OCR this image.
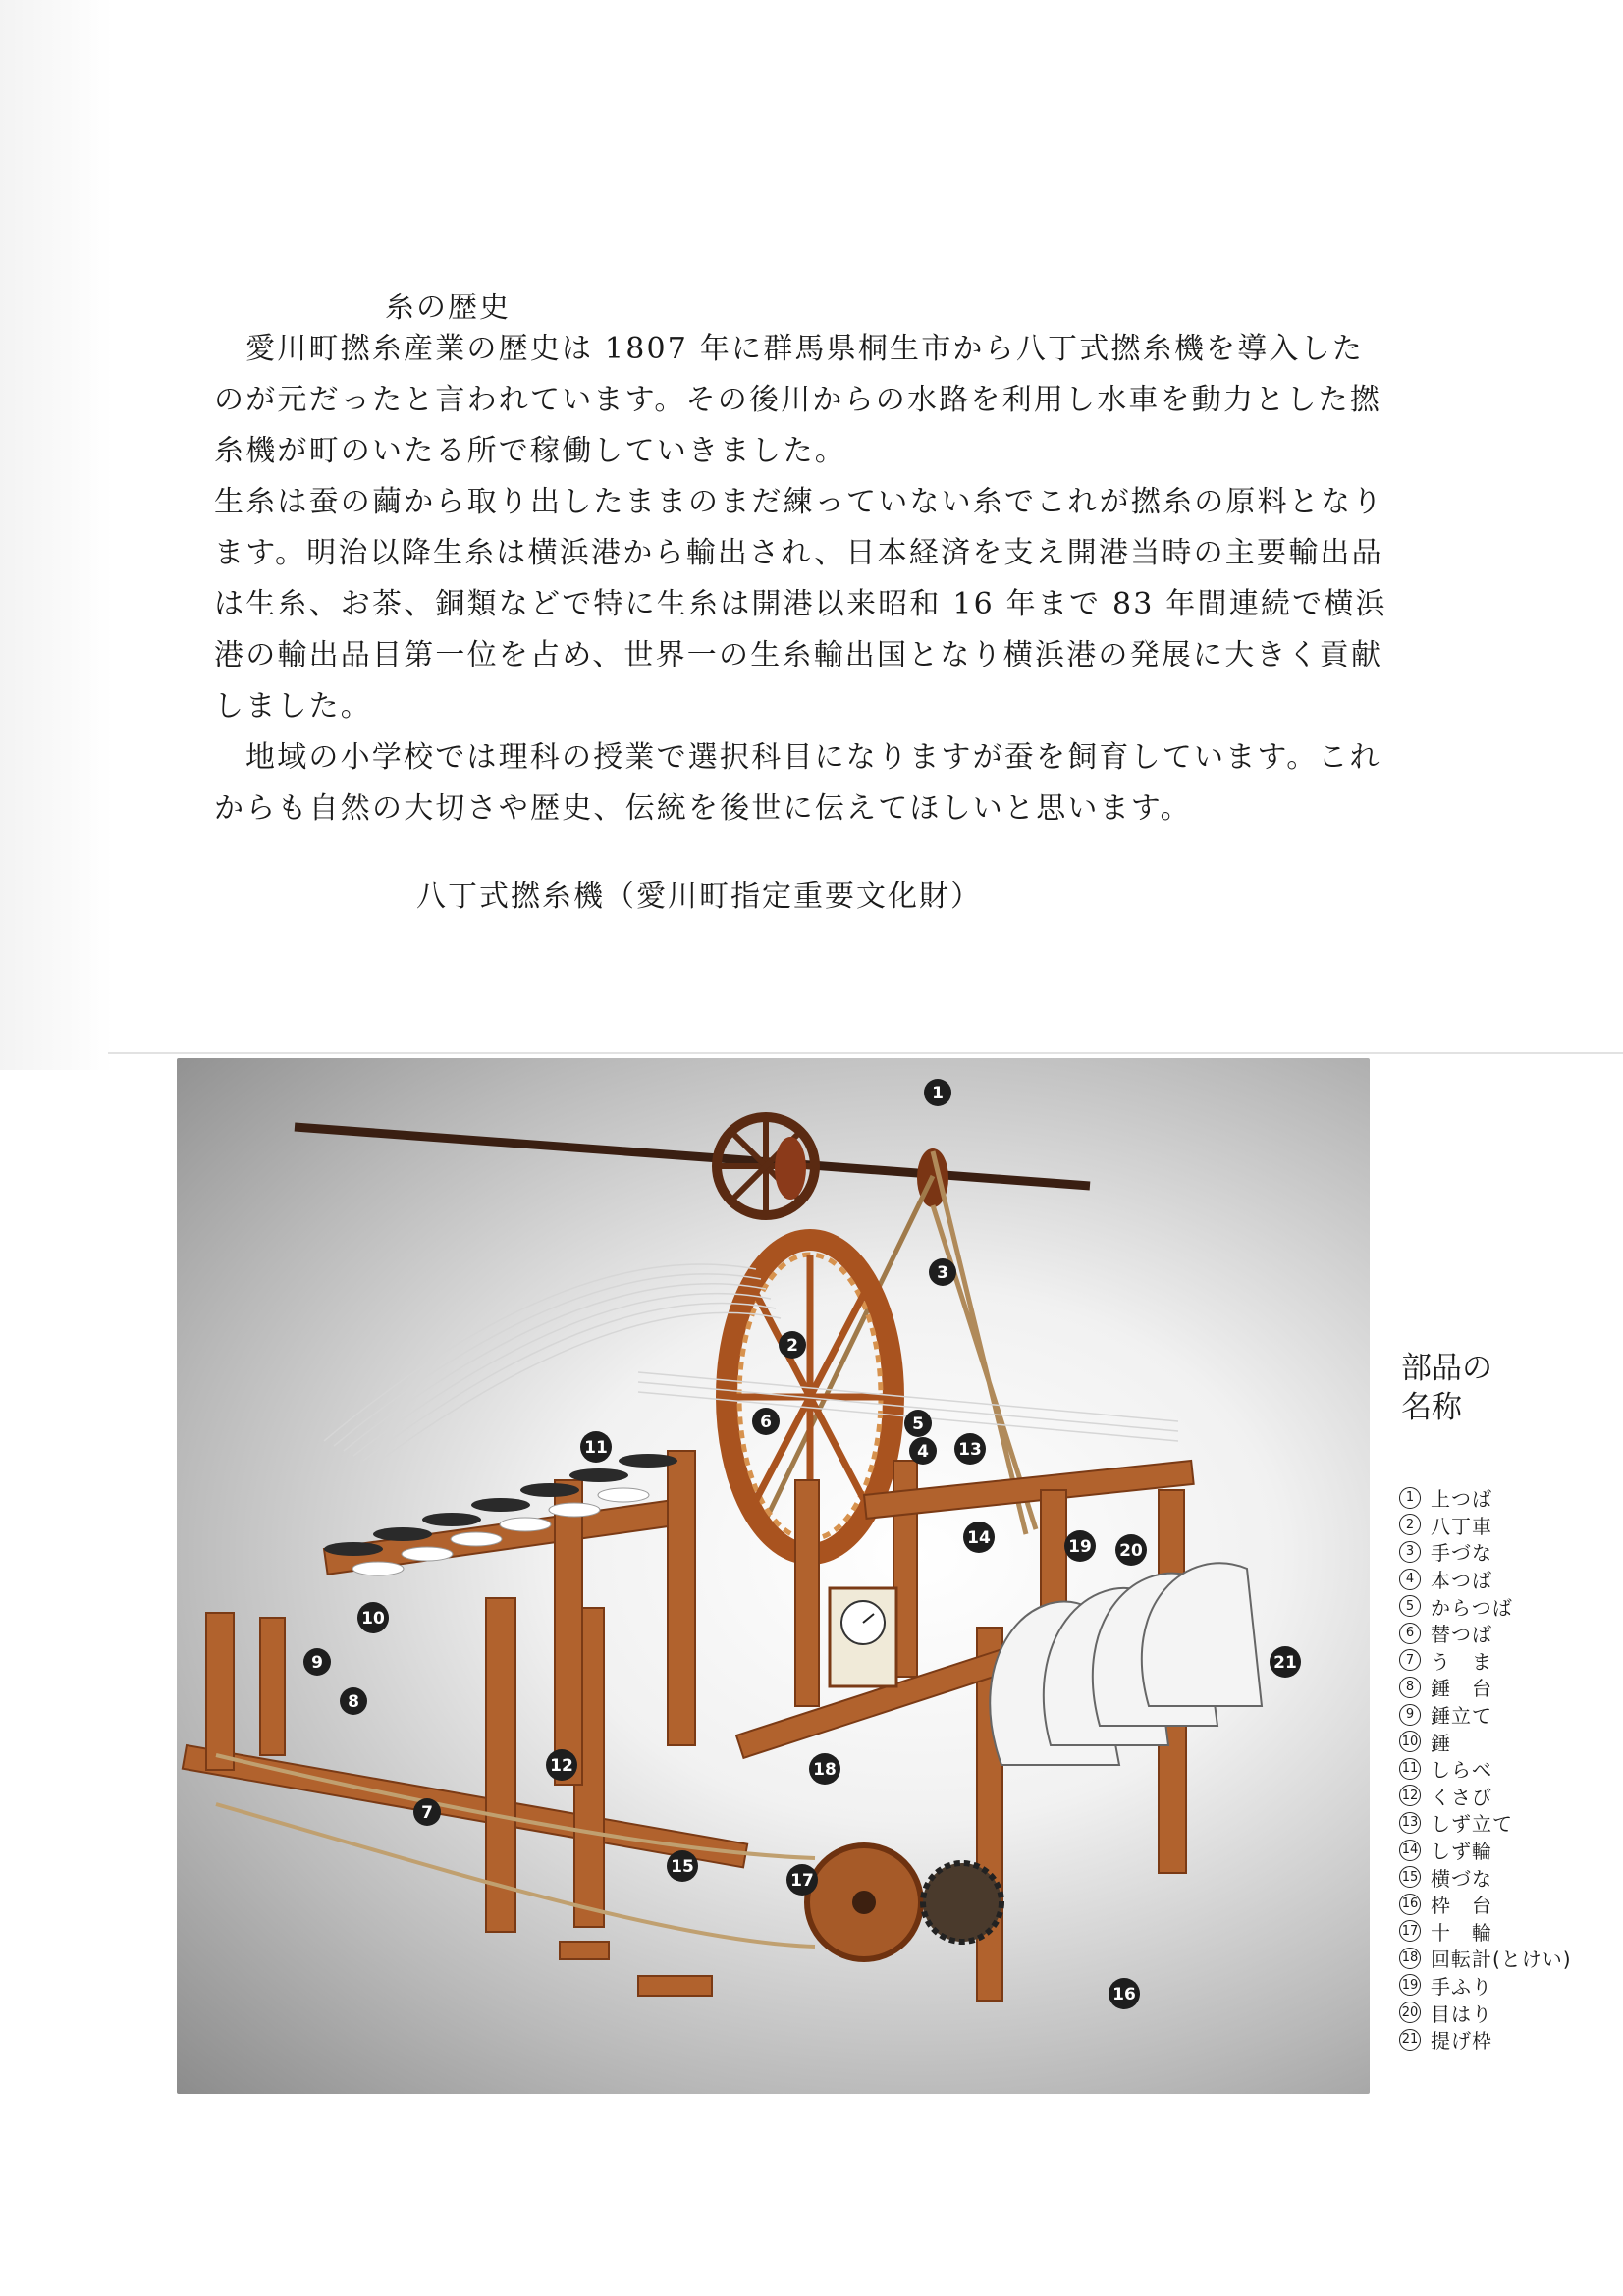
糸の歴史

愛川町撚糸産業の歴史は 1807 年に群馬県桐生市から八丁式撚糸機を導入したのが元だったと言われています。その後川からの水路を利用し水車を動力とした撚糸機が町のいたる所で稼働していきました。

生糸は蚕の繭から取り出したままのまだ練っていない糸でこれが撚糸の原料となります。明治以降生糸は横浜港から輸出され、日本経済を支え開港当時の主要輸出品は生糸、お茶、銅類などで特に生糸は開港以来昭和 16 年まで 83 年間連続で横浜港の輸出品目第一位を占め、世界一の生糸輸出国となり横浜港の発展に大きく貢献しました。

地域の小学校では理科の授業で選択科目になりますが蚕を飼育しています。これからも自然の大切さや歴史、伝統を後世に伝えてほしいと思います。

八丁式撚糸機（愛川町指定重要文化財）
1
2
3
4
5
6
7
8
9
10
11
12
13
14
15
16
17
18
19 20
21
部品の
名称
1 上つば
2 八丁車
3 手づな
4 本つば
5 からつば
6 替つば
7 う　ま
8 錘　台
9 錘立て
10 錘
11 しらべ
12 くさび
13 しず立て
14 しず輪
15 横づな
16 枠　台
17 十　輪
18 回転計(とけい)
19 手ふり
20 目はり
21 提げ枠
